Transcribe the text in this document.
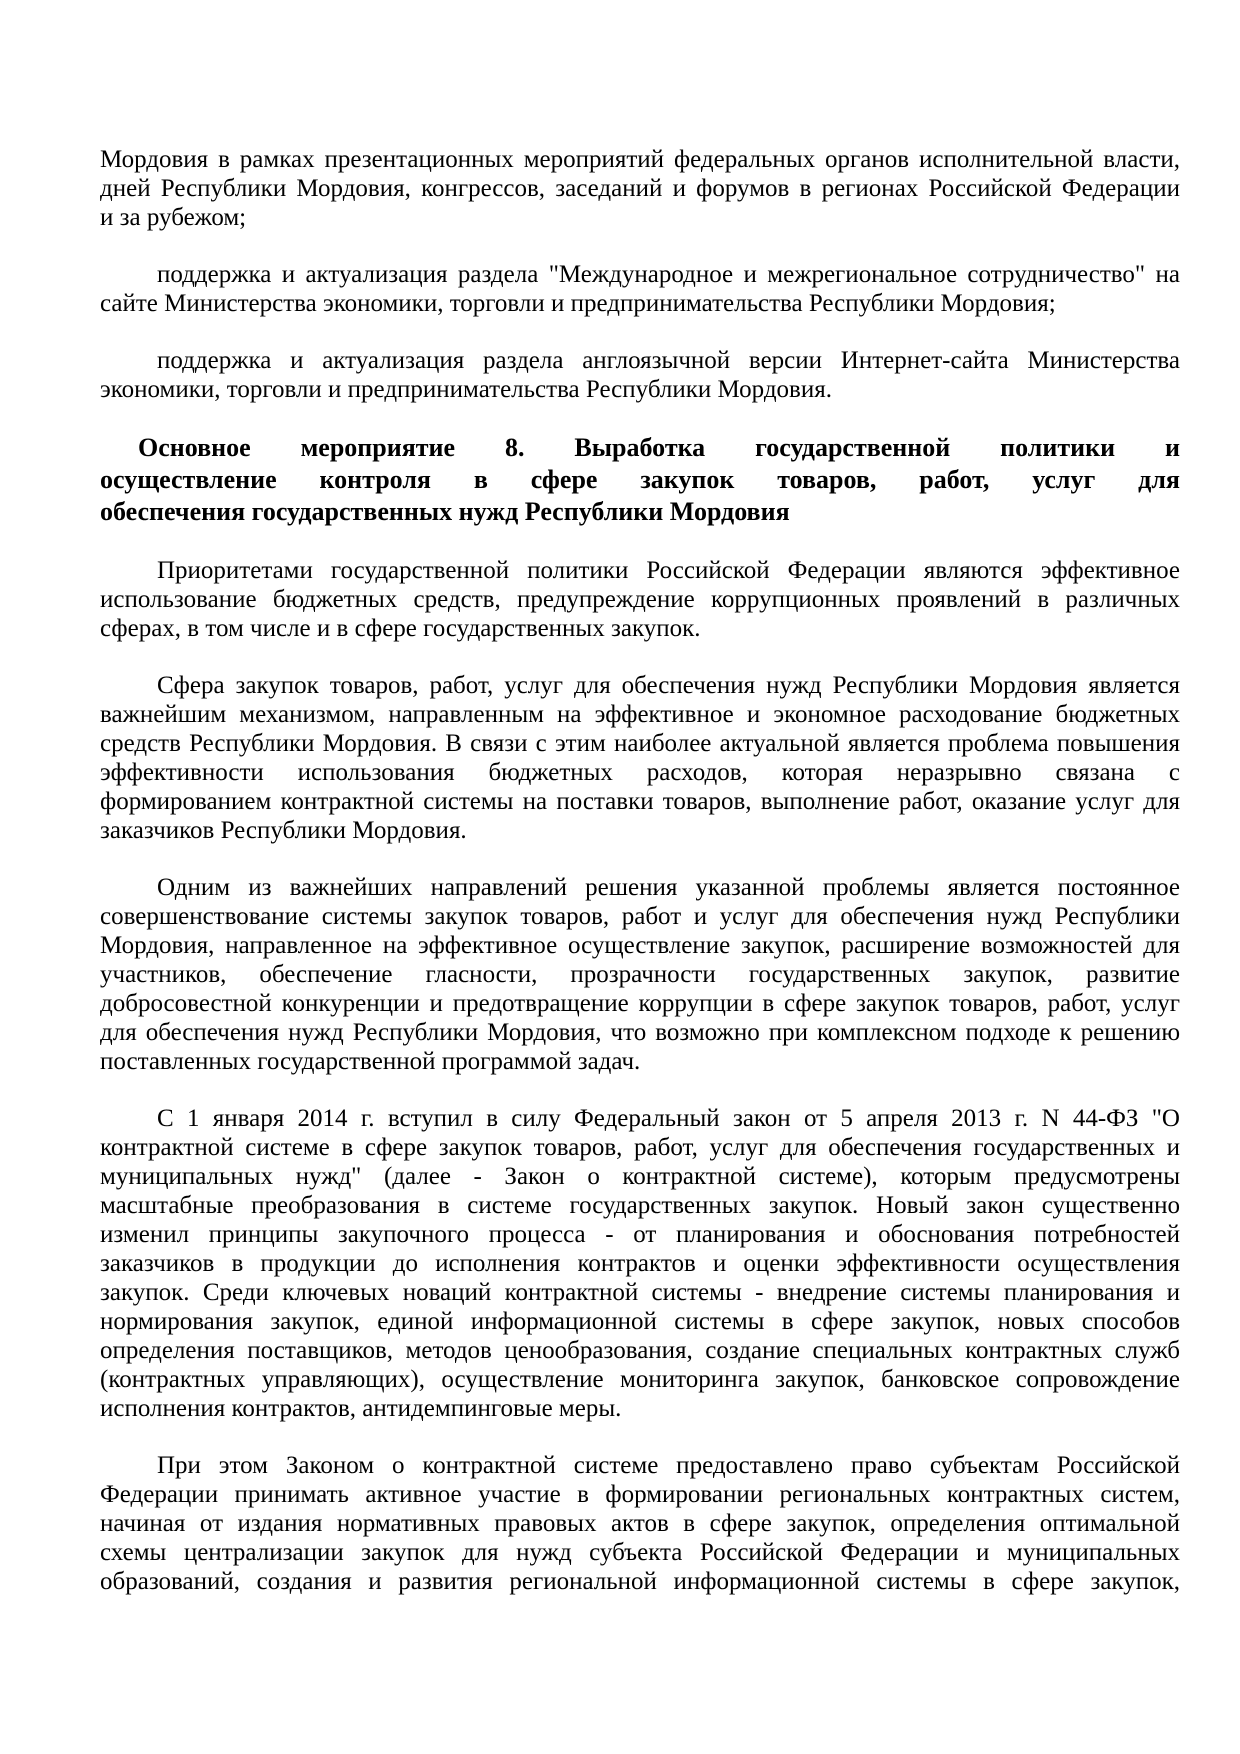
Мордовия в рамках презентационных мероприятий федеральных органов исполнительной власти,
дней Республики Мордовия, конгрессов, заседаний и форумов в регионах Российской Федерации
и за рубежом;
поддержка и актуализация раздела "Международное и межрегиональное сотрудничество" на
сайте Министерства экономики, торговли и предпринимательства Республики Мордовия;
поддержка и актуализация раздела англоязычной версии Интернет-сайта Министерства
экономики, торговли и предпринимательства Республики Мордовия.
Основное мероприятие 8. Выработка государственной политики и
осуществление контроля в сфере закупок товаров, работ, услуг для
обеспечения государственных нужд Республики Мордовия
Приоритетами государственной политики Российской Федерации являются эффективное
использование бюджетных средств, предупреждение коррупционных проявлений в различных
сферах, в том числе и в сфере государственных закупок.
Сфера закупок товаров, работ, услуг для обеспечения нужд Республики Мордовия является
важнейшим механизмом, направленным на эффективное и экономное расходование бюджетных
средств Республики Мордовия. В связи с этим наиболее актуальной является проблема повышения
эффективности использования бюджетных расходов, которая неразрывно связана с
формированием контрактной системы на поставки товаров, выполнение работ, оказание услуг для
заказчиков Республики Мордовия.
Одним из важнейших направлений решения указанной проблемы является постоянное
совершенствование системы закупок товаров, работ и услуг для обеспечения нужд Республики
Мордовия, направленное на эффективное осуществление закупок, расширение возможностей для
участников, обеспечение гласности, прозрачности государственных закупок, развитие
добросовестной конкуренции и предотвращение коррупции в сфере закупок товаров, работ, услуг
для обеспечения нужд Республики Мордовия, что возможно при комплексном подходе к решению
поставленных государственной программой задач.
С 1 января 2014 г. вступил в силу Федеральный закон от 5 апреля 2013 г. N 44-ФЗ "О
контрактной системе в сфере закупок товаров, работ, услуг для обеспечения государственных и
муниципальных нужд" (далее - Закон о контрактной системе), которым предусмотрены
масштабные преобразования в системе государственных закупок. Новый закон существенно
изменил принципы закупочного процесса - от планирования и обоснования потребностей
заказчиков в продукции до исполнения контрактов и оценки эффективности осуществления
закупок. Среди ключевых новаций контрактной системы - внедрение системы планирования и
нормирования закупок, единой информационной системы в сфере закупок, новых способов
определения поставщиков, методов ценообразования, создание специальных контрактных служб
(контрактных управляющих), осуществление мониторинга закупок, банковское сопровождение
исполнения контрактов, антидемпинговые меры.
При этом Законом о контрактной системе предоставлено право субъектам Российской
Федерации принимать активное участие в формировании региональных контрактных систем,
начиная от издания нормативных правовых актов в сфере закупок, определения оптимальной
схемы централизации закупок для нужд субъекта Российской Федерации и муниципальных
образований, создания и развития региональной информационной системы в сфере закупок,
